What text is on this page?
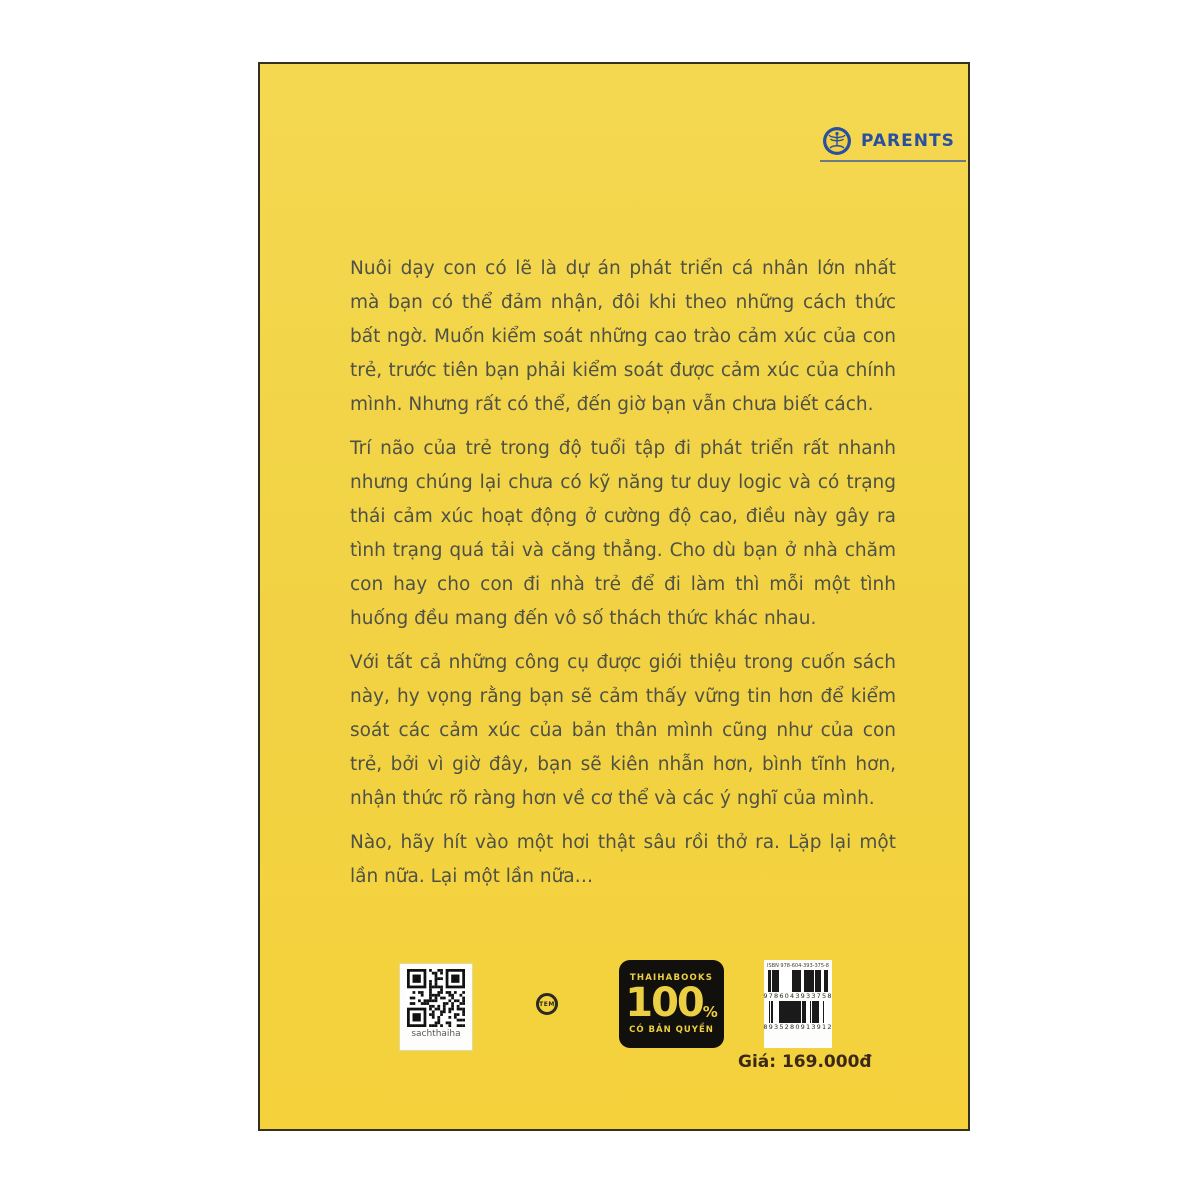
PARENTS
Nuôi dạy con có lẽ là dự án phát triển cá nhân lớn nhất
mà bạn có thể đảm nhận, đôi khi theo những cách thức
bất ngờ. Muốn kiểm soát những cao trào cảm xúc của con
trẻ, trước tiên bạn phải kiểm soát được cảm xúc của chính
mình. Nhưng rất có thể, đến giờ bạn vẫn chưa biết cách.
Trí não của trẻ trong độ tuổi tập đi phát triển rất nhanh
nhưng chúng lại chưa có kỹ năng tư duy logic và có trạng
thái cảm xúc hoạt động ở cường độ cao, điều này gây ra
tình trạng quá tải và căng thẳng. Cho dù bạn ở nhà chăm
con hay cho con đi nhà trẻ để đi làm thì mỗi một tình
huống đều mang đến vô số thách thức khác nhau.
Với tất cả những công cụ được giới thiệu trong cuốn sách
này, hy vọng rằng bạn sẽ cảm thấy vững tin hơn để kiểm
soát các cảm xúc của bản thân mình cũng như của con
trẻ, bởi vì giờ đây, bạn sẽ kiên nhẫn hơn, bình tĩnh hơn,
nhận thức rõ ràng hơn về cơ thể và các ý nghĩ của mình.
Nào, hãy hít vào một hơi thật sâu rồi thở ra. Lặp lại một
lần nữa. Lại một lần nữa…
sachthaiha
TEM
THAIHABOOKS
100 %
CÓ BẢN QUYỀN
ISBN 978-604-393-375-8
9786043933758
8935280913912
Giá: 169.000đ
